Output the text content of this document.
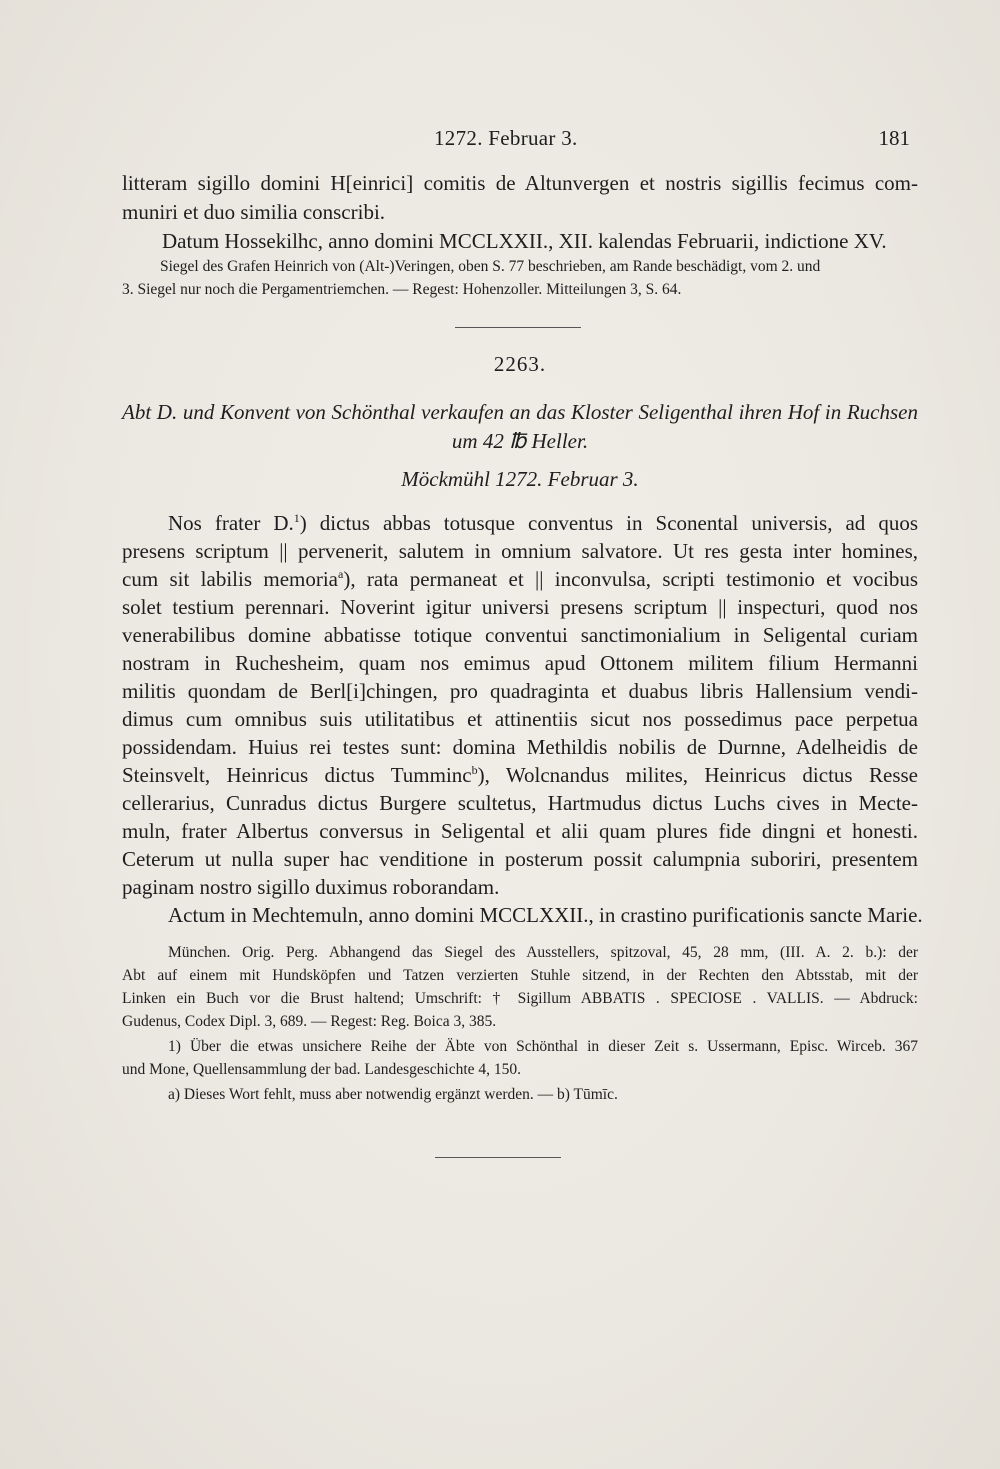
1272. Februar 3.	181
litteram sigillo domini H[einrici] comitis de Altunvergen et nostris sigillis fecimus com-
muniri et duo similia conscribi.
Datum Hossekilhc, anno domini MCCLXXII., XII. kalendas Februarii, indictione XV.
Siegel des Grafen Heinrich von (Alt-)Veringen, oben S. 77 beschrieben, am Rande beschädigt, vom 2. und
3. Siegel nur noch die Pergamentriemchen. — Regest: Hohenzoller. Mitteilungen 3, S. 64.
2263.
Abt D. und Konvent von Schönthal verkaufen an das Kloster Seligenthal ihren Hof in Ruchsen
um 42 ℔ Heller.
Möckmühl 1272. Februar 3.
Nos frater D.$^1$) dictus abbas totusque conventus in Sconental universis, ad quos
presens scriptum || pervenerit, salutem in omnium salvatore. Ut res gesta inter homines,
cum sit labilis memoria$^a$), rata permaneat et || inconvulsa, scripti testimonio et vocibus
solet testium perennari. Noverint igitur universi presens scriptum || inspecturi, quod nos
venerabilibus domine abbatisse totique conventui sanctimonialium in Seligental curiam
nostram in Ruchesheim, quam nos emimus apud Ottonem militem filium Hermanni
militis quondam de Berl[i]chingen, pro quadraginta et duabus libris Hallensium vendi-
dimus cum omnibus suis utilitatibus et attinentiis sicut nos possedimus pace perpetua
possidendam. Huius rei testes sunt: domina Methildis nobilis de Durnne, Adelheidis de
Steinsvelt, Heinricus dictus Tumminc$^b$), Wolcnandus milites, Heinricus dictus Resse
cellerarius, Cunradus dictus Burgere scultetus, Hartmudus dictus Luchs cives in Mecte-
muln, frater Albertus conversus in Seligental et alii quam plures fide dingni et honesti.
Ceterum ut nulla super hac venditione in posterum possit calumpnia suboriri, presentem
paginam nostro sigillo duximus roborandam.
Actum in Mechtemuln, anno domini MCCLXXII., in crastino purificationis sancte Marie.
München. Orig. Perg. Abhangend das Siegel des Ausstellers, spitzoval, 45, 28 mm, (III. A. 2. b.): der
Abt auf einem mit Hundsköpfen und Tatzen verzierten Stuhle sitzend, in der Rechten den Abtsstab, mit der
Linken ein Buch vor die Brust haltend; Umschrift: † Sigillum ABBATIS . SPECIOSE . VALLIS. — Abdruck:
Gudenus, Codex Dipl. 3, 689. — Regest: Reg. Boica 3, 385.
1) Über die etwas unsichere Reihe der Äbte von Schönthal in dieser Zeit s. Ussermann, Episc. Wirceb. 367
und Mone, Quellensammlung der bad. Landesgeschichte 4, 150.
a) Dieses Wort fehlt, muss aber notwendig ergänzt werden. — b) Tūmīc.
